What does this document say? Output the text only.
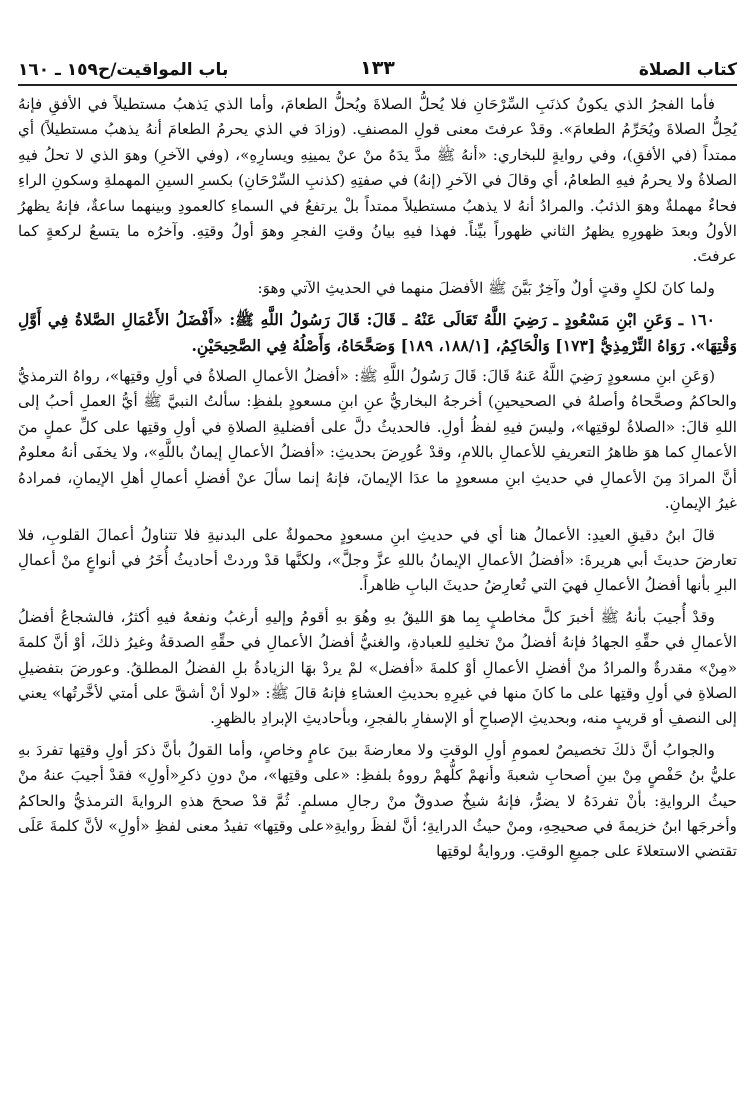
كتاب الصلاة
١٣٣
باب المواقيت/ح١٥٩ ـ ١٦٠

فأما الفجرُ الذي يكونُ كذنَبِ السِّرْحَانِ فلا يُحلُّ الصلاةَ ويُحلُّ الطعامَ، وأما الذي يَذهبُ مستطيلاً في الأفقِ فإنهُ يُحِلُّ الصلاةَ ويُحَرِّمُ الطعامَ». وقدْ عرفتَ معنى قولِ المصنفِ. (وزادَ في الذي يحرمُ الطعامَ أنهُ يذهبُ مستطيلاً) أي ممتداً (في الأفقِ)، وفي روايةٍ للبخاري: «أنهُ ﷺ مدَّ يدَهُ منْ عنْ يمينِهِ ويسارِهِ»، (وفي الآخرِ) وهوَ الذي لا تحلُ فيهِ الصلاةُ ولا يحرمُ فيهِ الطعامُ، أي وقالَ في الآخرِ (إنهُ) في صفتِهِ (كذنبِ السِّرْحَانِ) بكسرِ السينِ المهملةِ وسكونِ الراءِ فحاءٌ مهملةٌ وهوَ الذئبُ. والمرادُ أنهُ لا يذهبُ مستطيلاً ممتداً بلْ يرتفعُ في السماءِ كالعمودِ وبينهما ساعةٌ، فإنهُ يظهرُ الأولُ وبعدَ ظهورِهِ يظهرُ الثاني ظهوراً بيِّناً. فهذا فيهِ بيانُ وقتِ الفجرِ وهوَ أولُ وقتِهِ. وآخرُه ما يتسعُ لركعةٍ كما عرفتَ.

ولما كانَ لكلٍ وقتٍ أولٌ وآخِرٌ بَيَّنَ ﷺ الأفضلَ منهما في الحديثِ الآتي وهوَ:

١٦٠ ـ وَعَنِ ابْنِ مَسْعُودٍ ـ رَضِيَ اللَّهُ تَعَالَى عَنْهُ ـ قَالَ: قَالَ رَسُولُ اللَّهِ ﷺ: «أَفْضَلُ الأَعْمَالِ الصَّلاةُ فِي أَوَّلِ وَقْتِهَا». رَوَاهُ التِّرْمِذِيُّ [١٧٣] وَالْحَاكِمُ، [١٨٨/١، ١٨٩] وَصَحَّحَاهُ، وَأَصْلُهُ فِي الصَّحِيحَيْنِ.

(وَعَنِ ابنِ مسعودٍ رَضِيَ اللَّهُ عَنهُ قَالَ: قَالَ رَسُولُ اللَّهِ ﷺ: «أفضلُ الأعمالِ الصلاةُ في أولِ وقتِها»، رواهُ الترمذيُّ والحاكمُ وصحَّحاهُ وأصلهُ في الصحيحينِ) أخرجهُ البخاريُّ عنِ ابنِ مسعودٍ بلفظِ: سألتُ النبيَّ ﷺ أيُّ العملِ أحبُ إلى اللهِ قالَ: «الصلاةُ لوقتِها»، وليسَ فيهِ لفظُ أولِ. فالحديثُ دلَّ على أفضليةِ الصلاةِ في أولِ وقتِها على كلِّ عملٍ منَ الأعمالِ كما هوَ ظاهرُ التعريفِ للأعمالِ باللامِ، وقدْ عُورِضَ بحديثِ: «أفضلُ الأعمالِ إيمانٌ باللَّهِ»، ولا يخفَى أنهُ معلومٌ أنَّ المرادَ مِنَ الأعمالِ في حديثِ ابنِ مسعودٍ ما عدَا الإيمانَ، فإنهُ إنما سألَ عنْ أفضلِ أعمالِ أهلِ الإيمانِ، فمرادهُ غيرُ الإيمانِ.

قالَ ابنُ دقيقِ العيدِ: الأعمالُ هنا أي في حديثِ ابنِ مسعودٍ محمولةٌ على البدنيةِ فلا تتناولُ أعمالَ القلوبِ، فلا تعارضَ حديثَ أبي هريرةَ: «أفضلُ الأعمالِ الإيمانُ باللهِ عزَّ وجلَّ»، ولكنَّها قدْ وردتْ أحاديثُ أُخَرُ في أنواعٍ منْ أعمالِ البرِ بأنها أفضلُ الأعمالِ فهيَ التي تُعارِضُ حديثَ البابِ ظاهراً.

وقدْ أُجيبَ بأنهُ ﷺ أخبرَ كلَّ مخاطبٍ بِما هوَ الليقُ بهِ وهُوَ بهِ أقومُ وإليهِ أرغبُ ونفعهُ فيهِ أكثرُ، فالشجاعُ أفضلُ الأعمالِ في حقِّهِ الجهادُ فإنهُ أفضلُ منْ تخليهِ للعبادةِ، والغنيُّ أفضلُ الأعمالِ في حقِّهِ الصدقةُ وغيرُ ذلكَ، أوْ أنَّ كلمةَ «مِنْ» مقدرةٌ والمرادُ منْ أفضلِ الأعمالِ أوْ كلمةَ «أفضل» لمْ يردْ بهَا الزيادةُ بلِ الفضلُ المطلقُ. وعورضَ بتفضيلِ الصلاةِ في أولِ وقتِها على ما كانَ منها في غيرِهِ بحديثِ العشاءِ فإنهُ قالَ ﷺ: «لولا أنْ أشقَّ على أمتي لأخَّرتُها» يعني إلى النصفِ أو قريبٍ منه، وبحديثِ الإصباحِ أو الإسفارِ بالفجرِ، وبأحاديثِ الإبرادِ بالظهرِ.

والجوابُ أنَّ ذلكَ تخصيصٌ لعمومِ أولِ الوقتِ ولا معارضةَ بينَ عامٍ وخاصٍ، وأما القولُ بأنَّ ذكرَ أولِ وقتِها تفردَ بهِ عليُّ بنُ حَفْصٍ مِنْ بينِ أصحابِ شعبةَ وأنهمْ كلُّهمْ رووهُ بلفظِ: «على وقتِها»، منْ دونِ ذكرِ«أولِ» فقدْ أجيبَ عنهُ منْ حيثُ الروايةِ: بأنْ تفردَهُ لا يضرُّ، فإنهُ شيخٌ صدوقٌ منْ رجالِ مسلمٍ. ثُمَّ قدْ صححَ هذهِ الروايةَ الترمذيُّ والحاكمُ وأخرجَها ابنُ خزيمةَ في صحيحِهِ، ومنْ حيثُ الدرايةِ؛ أنَّ لفظَ روايةِ«على وقتِها» تفيدُ معنى لفظِ «أولِ» لأنَّ كلمةَ عَلَى تقتضي الاستعلاءَ على جميعِ الوقتِ. وروايةُ لوقتِها
